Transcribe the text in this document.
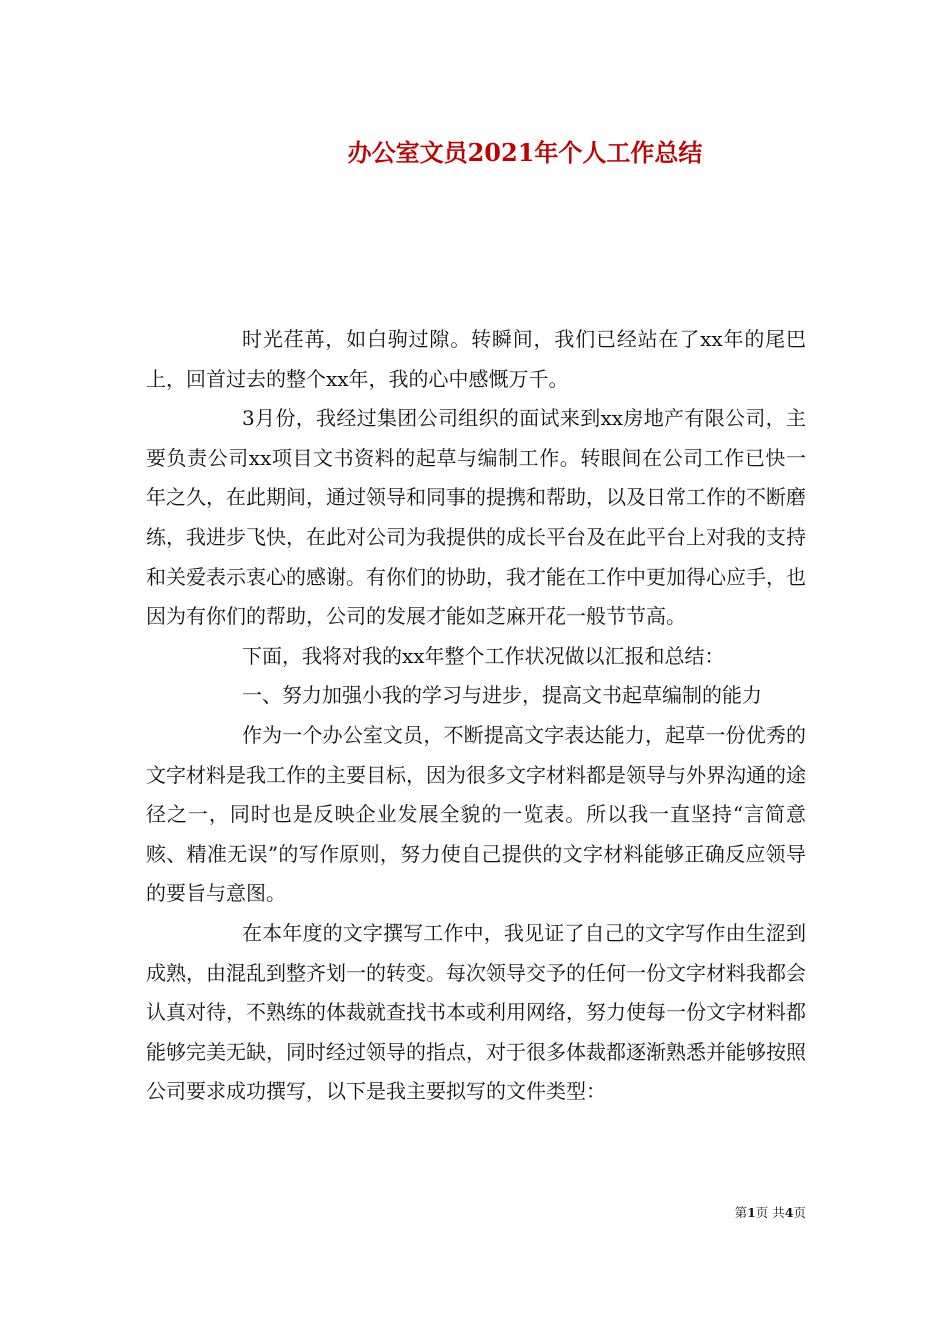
办公室文员2021年个人工作总结

时光荏苒，如白驹过隙。转瞬间，我们已经站在了xx年的尾巴上，回首过去的整个xx年，我的心中感慨万千。

3月份，我经过集团公司组织的面试来到xx房地产有限公司，主要负责公司xx项目文书资料的起草与编制工作。转眼间在公司工作已快一年之久，在此期间，通过领导和同事的提携和帮助，以及日常工作的不断磨练，我进步飞快，在此对公司为我提供的成长平台及在此平台上对我的支持和关爱表示衷心的感谢。有你们的协助，我才能在工作中更加得心应手，也因为有你们的帮助，公司的发展才能如芝麻开花一般节节高。

下面，我将对我的xx年整个工作状况做以汇报和总结：

一、努力加强小我的学习与进步，提高文书起草编制的能力

作为一个办公室文员，不断提高文字表达能力，起草一份优秀的文字材料是我工作的主要目标，因为很多文字材料都是领导与外界沟通的途径之一，同时也是反映企业发展全貌的一览表。所以我一直坚持“言简意赅、精准无误”的写作原则，努力使自己提供的文字材料能够正确反应领导的要旨与意图。

在本年度的文字撰写工作中，我见证了自己的文字写作由生涩到成熟，由混乱到整齐划一的转变。每次领导交予的任何一份文字材料我都会认真对待，不熟练的体裁就查找书本或利用网络，努力使每一份文字材料都能够完美无缺，同时经过领导的指点，对于很多体裁都逐渐熟悉并能够按照公司要求成功撰写，以下是我主要拟写的文件类型：

第1页 共4页
